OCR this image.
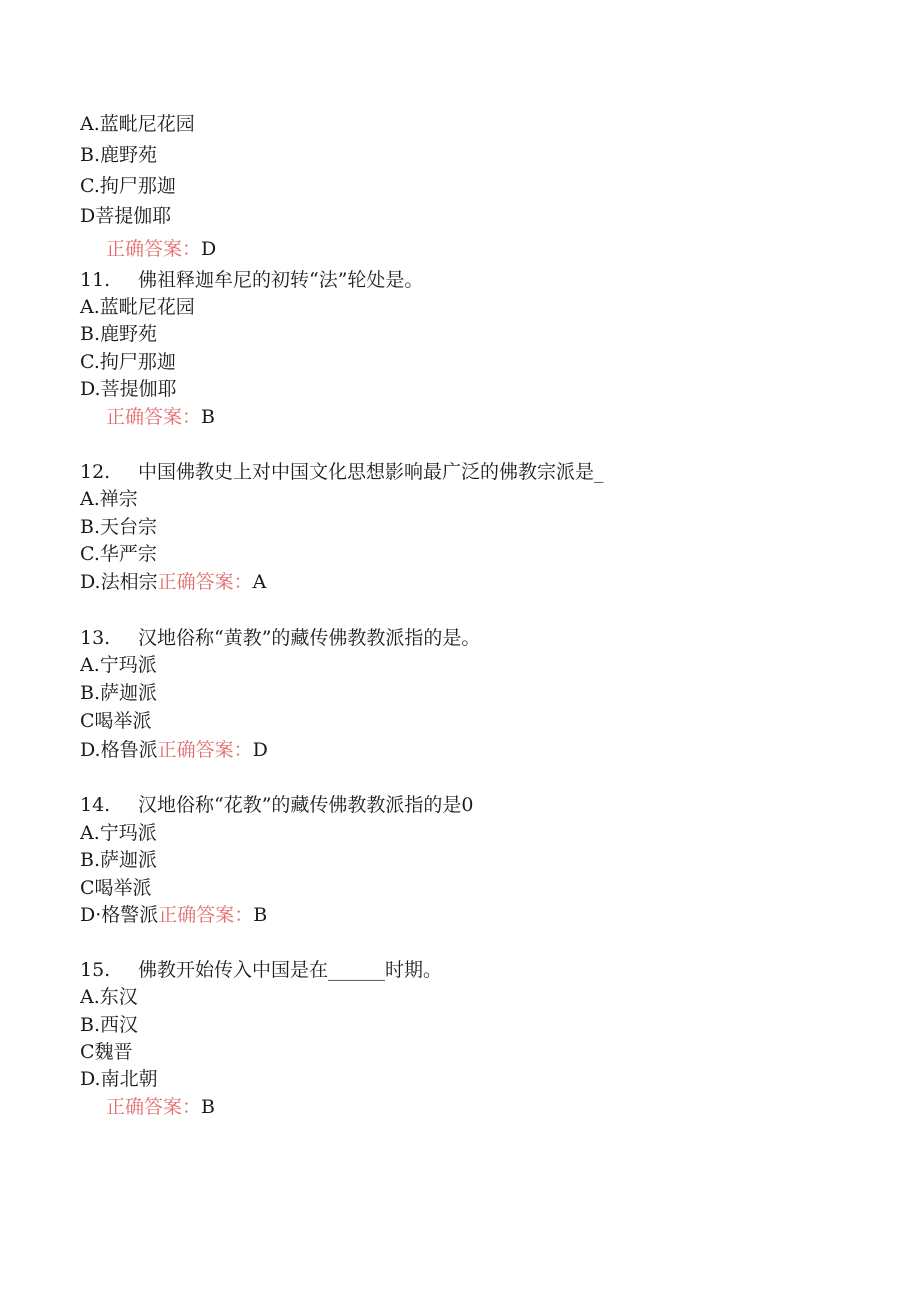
A.蓝毗尼花园
B.鹿野苑
C.拘尸那迦
D菩提伽耶
正确答案：D
11. 佛祖释迦牟尼的初转“法”轮处是。
A.蓝毗尼花园
B.鹿野苑
C.拘尸那迦
D.菩提伽耶
正确答案：B
12. 中国佛教史上对中国文化思想影响最广泛的佛教宗派是_
A.禅宗
B.天台宗
C.华严宗
D.法相宗正确答案：A
13. 汉地俗称“黄教”的藏传佛教教派指的是。
A.宁玛派
B.萨迦派
C喝举派
D.格鲁派正确答案：D
14. 汉地俗称“花教”的藏传佛教教派指的是0
A.宁玛派
B.萨迦派
C喝举派
D·格警派正确答案：B
15. 佛教开始传入中国是在______时期。
A.东汉
B.西汉
C魏晋
D.南北朝
正确答案：B
